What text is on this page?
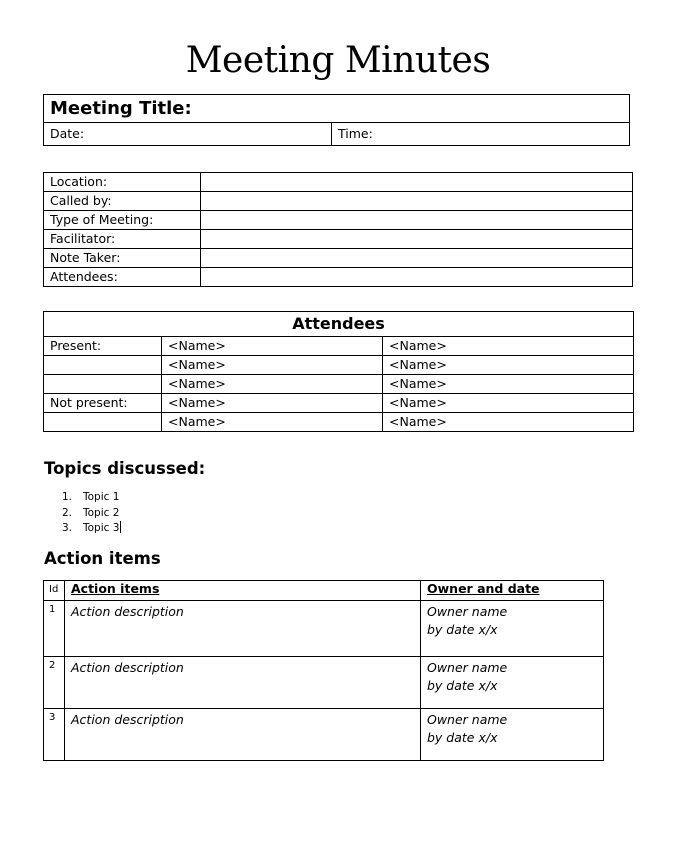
Meeting Minutes
Meeting Title:
Date:	Time:
Location:	
Called by:	
Type of Meeting:	
Facilitator:	
Note Taker:	
Attendees:	
Attendees		
Present:	<Name>	<Name>
	<Name>	<Name>
	<Name>	<Name>
Not present:	<Name>	<Name>
	<Name>	<Name>
Topics discussed:
1.	Topic 1
2.	Topic 2
3.	Topic 3
Action items
Id	Action items	Owner and date
1	Action description	Owner name
by date x/x

2	Action description	Owner name
by date x/x

3	Action description	Owner name
by date x/x
